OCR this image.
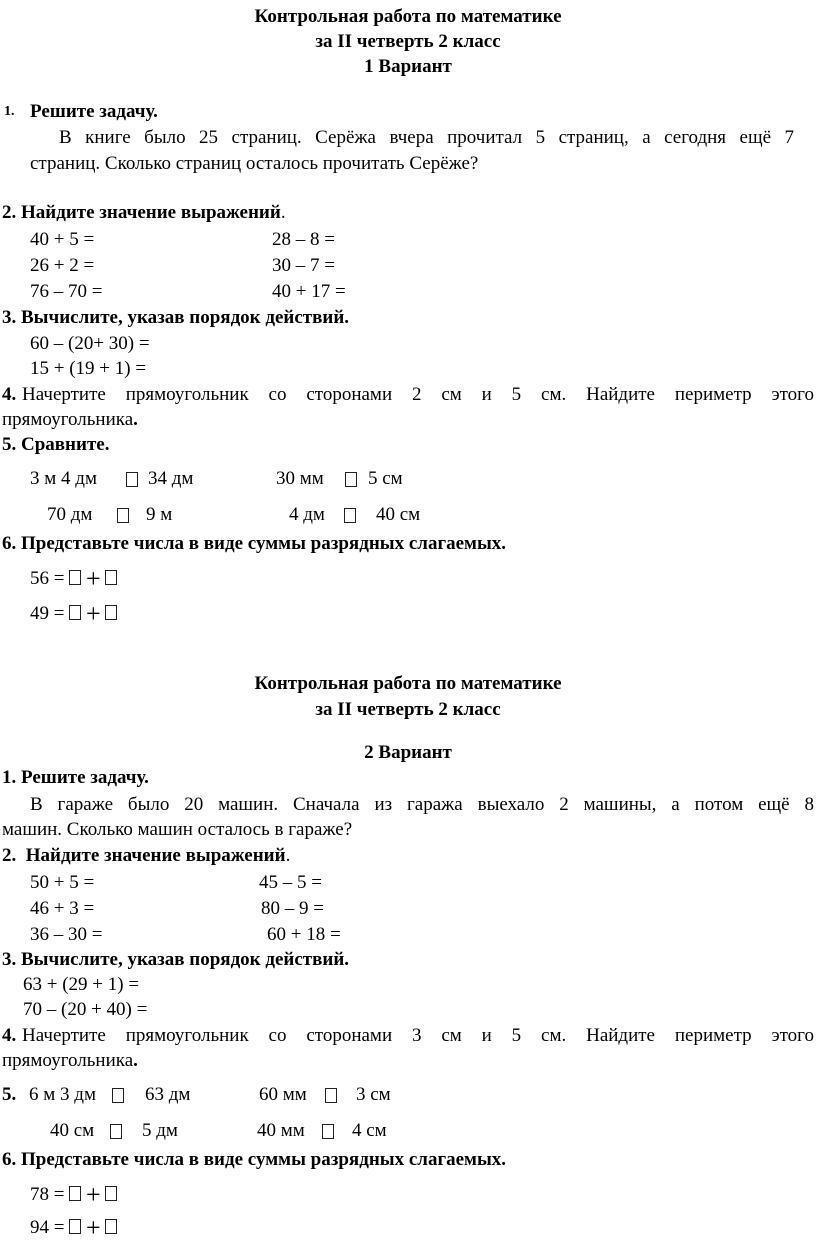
Контрольная работа по математике
за II четверть 2 класс
1 Вариант
1. Решите задачу.
В книге было 25 страниц. Серёжа вчера прочитал 5 страниц, а сегодня ещё 7
страниц. Сколько страниц осталось прочитать Серёже?
2. Найдите значение выражений.
40 + 5 =	28 – 8 =
26 + 2 =	30 – 7 =
76 – 70 =	40 + 17 =
3. Вычислите, указав порядок действий.
60 – (20+ 30) =
15 + (19 + 1) =
4. Начертите прямоугольник со сторонами 2 см и 5 см. Найдите периметр этого
прямоугольника.
5. Сравните.
3 м 4 дм	34 дм	30 мм 5 см
70 дм	9 м	4 дм	40 см
6. Представьте числа в виде суммы разрядных слагаемых.
56 = +
49 = +
Контрольная работа по математике
за II четверть 2 класс
2 Вариант
1. Решите задачу.
В гараже было 20 машин. Сначала из гаража выехало 2 машины, а потом ещё 8
машин. Сколько машин осталось в гараже?
2.  Найдите значение выражений.
50 + 5 =	45 – 5 =
46 + 3 =	80 – 9 =
36 – 30 =	60 + 18 =
3. Вычислите, указав порядок действий.
63 + (29 + 1) =
70 – (20 + 40) =
4. Начертите прямоугольник со сторонами 3 см и 5 см. Найдите периметр этого
прямоугольника.
5. 6 м 3 дм	63 дм	60 мм	3 см
40 см	5 дм	40 мм 4 см
6. Представьте числа в виде суммы разрядных слагаемых.
78 = +
94 = +
